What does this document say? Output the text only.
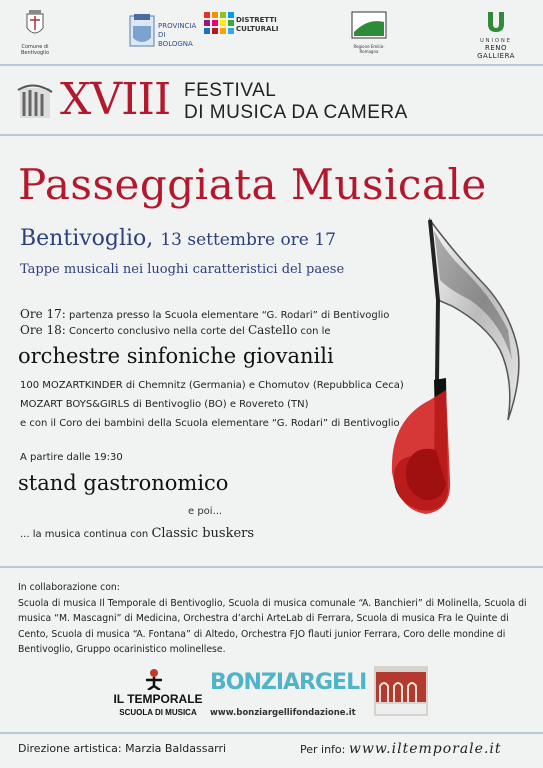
Comune di Bentivoglio
PROVINCIA DI BOLOGNA
DISTRETTI CULTURALI
Regione Emilia-Romagna
UNIONE
RENO GALLIERA
XVIII FESTIVAL
DI MUSICA DA CAMERA
Passeggiata Musicale
Bentivoglio, 13 settembre ore 17
Tappe musicali nei luoghi caratteristici del paese
Ore 17: partenza presso la Scuola elementare “G. Rodari” di Bentivoglio
Ore 18: Concerto conclusivo nella corte del Castello con le
orchestre sinfoniche giovanili
100 MOZARTKINDER di Chemnitz (Germania) e Chomutov (Repubblica Ceca)
MOZART BOYS&GIRLS di Bentivoglio (BO) e Rovereto (TN)
e con il Coro dei bambini della Scuola elementare “G. Rodari” di Bentivoglio
A partire dalle 19:30
stand gastronomico
e poi...
... la musica continua con Classic buskers
In collaborazione con:
Scuola di musica Il Temporale di Bentivoglio, Scuola di musica comunale “A. Banchieri” di Molinella, Scuola di musica “M. Mascagni” di Medicina, Orchestra d’archi ArteLab di Ferrara, Scuola di musica Fra le Quinte di Cento, Scuola di musica “A. Fontana” di Altedo, Orchestra FJO flauti junior Ferrara, Coro delle mondine di Bentivoglio, Gruppo ocarinistico molinellese.
IL TEMPORALE
SCUOLA DI MUSICA
BONZIARGELI
www.bonziargellifondazione.it
Direzione artistica: Marzia Baldassarri	Per info: www.iltemporale.it
